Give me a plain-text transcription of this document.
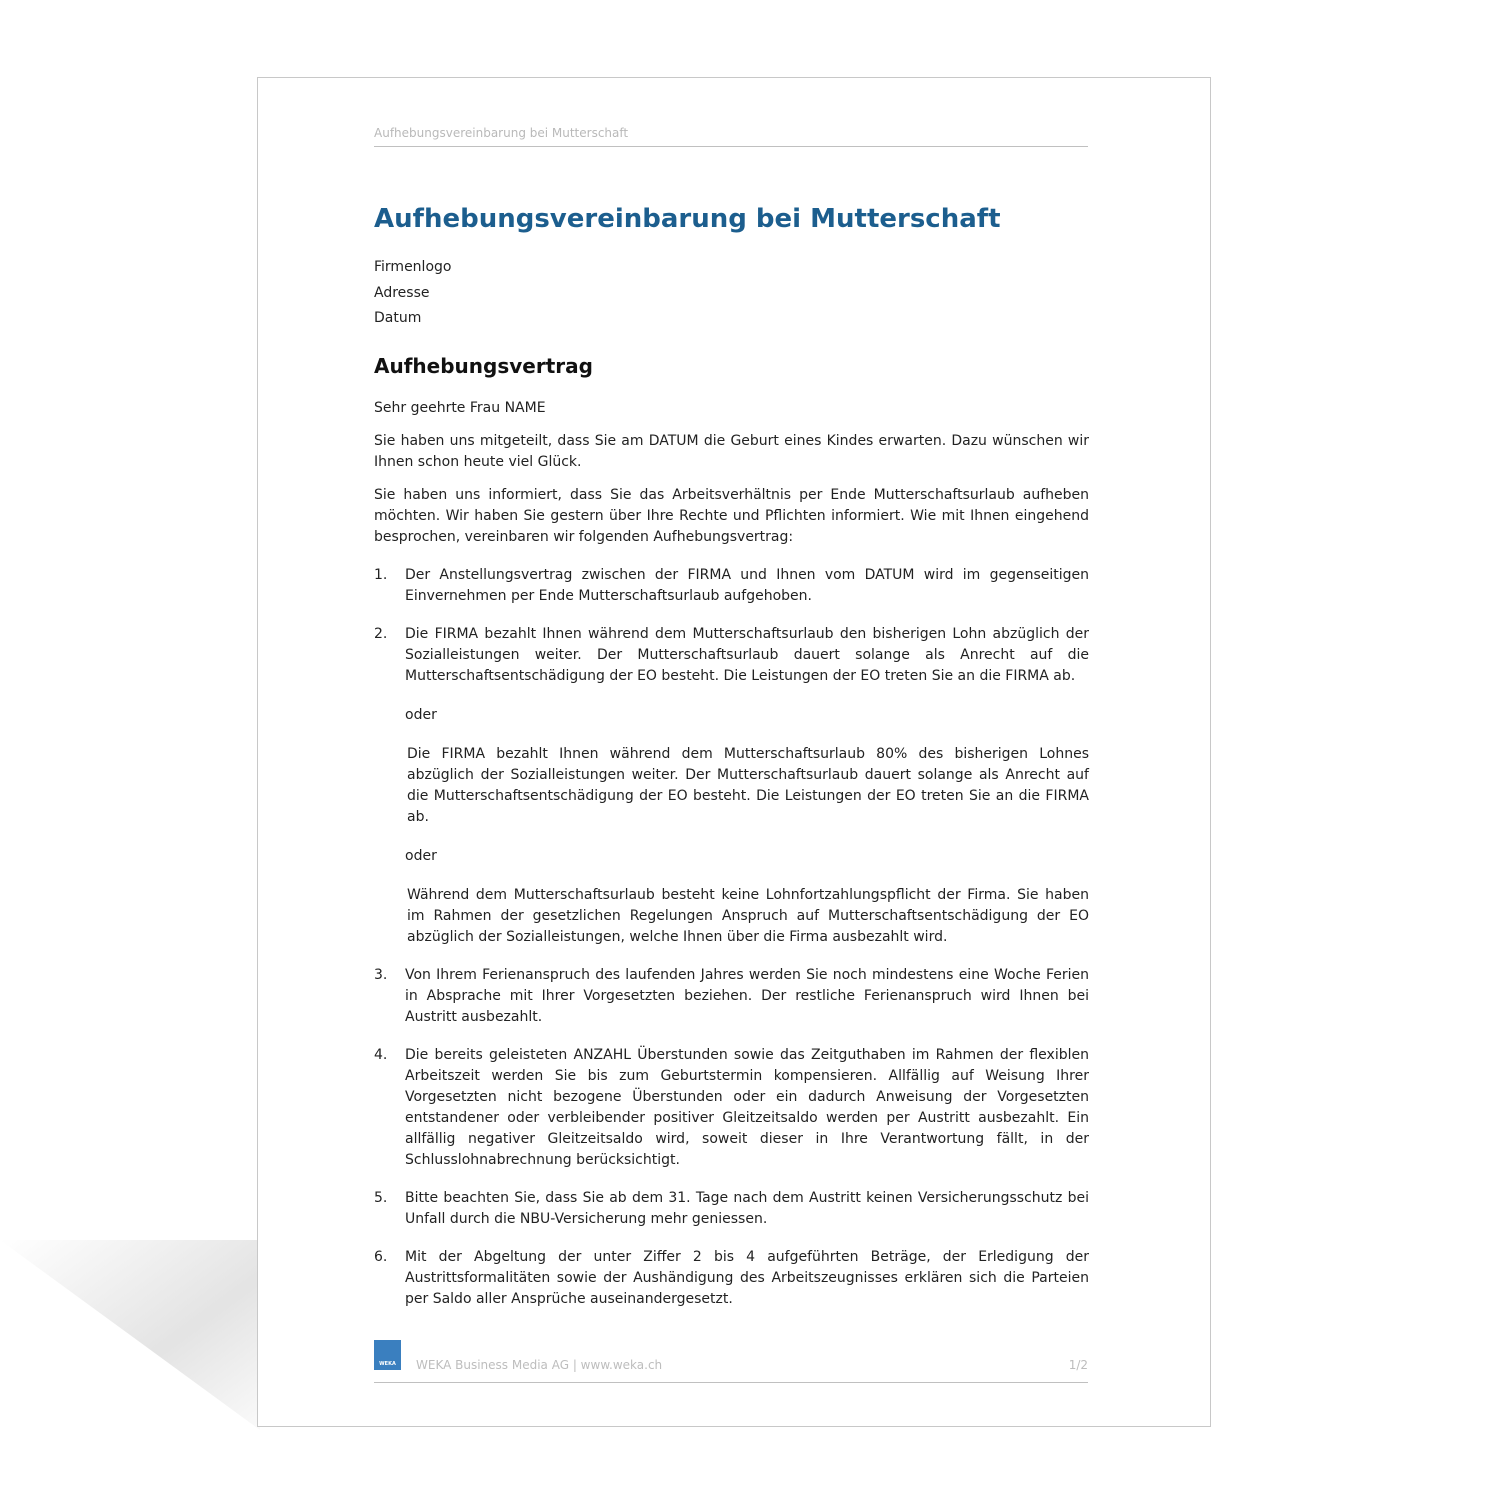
Aufhebungsvereinbarung bei Mutterschaft
Aufhebungsvereinbarung bei Mutterschaft
Firmenlogo
Adresse
Datum
Aufhebungsvertrag

Sehr geehrte Frau NAME

Sie haben uns mitgeteilt, dass Sie am DATUM die Geburt eines Kindes erwarten. Dazu wünschen wir Ihnen schon heute viel Glück.

Sie haben uns informiert, dass Sie das Arbeitsverhältnis per Ende Mutterschaftsurlaub aufheben möchten. Wir haben Sie gestern über Ihre Rechte und Pflichten informiert. Wie mit Ihnen eingehend besprochen, vereinbaren wir folgenden Aufhebungsvertrag:

1.	Der Anstellungsvertrag zwischen der FIRMA und Ihnen vom DATUM wird im gegenseitigen Einvernehmen per Ende Mutterschaftsurlaub aufgehoben.

2.	Die FIRMA bezahlt Ihnen während dem Mutterschaftsurlaub den bisherigen Lohn abzüglich der Sozialleistungen weiter. Der Mutterschaftsurlaub dauert solange als Anrecht auf die Mutterschaftsentschädigung der EO besteht. Die Leistungen der EO treten Sie an die FIRMA ab.

oder

Die FIRMA bezahlt Ihnen während dem Mutterschaftsurlaub 80% des bisherigen Lohnes abzüglich der Sozialleistungen weiter. Der Mutterschaftsurlaub dauert solange als Anrecht auf die Mutterschaftsentschädigung der EO besteht. Die Leistungen der EO treten Sie an die FIRMA ab.

oder

Während dem Mutterschaftsurlaub besteht keine Lohnfortzahlungspflicht der Firma. Sie haben im Rahmen der gesetzlichen Regelungen Anspruch auf Mutterschaftsentschädigung der EO abzüglich der Sozialleistungen, welche Ihnen über die Firma ausbezahlt wird.

3.	Von Ihrem Ferienanspruch des laufenden Jahres werden Sie noch mindestens eine Woche Ferien in Absprache mit Ihrer Vorgesetzten beziehen. Der restliche Ferienanspruch wird Ihnen bei Austritt ausbezahlt.

4.	Die bereits geleisteten ANZAHL Überstunden sowie das Zeitguthaben im Rahmen der flexiblen Arbeitszeit werden Sie bis zum Geburtstermin kompensieren. Allfällig auf Weisung Ihrer Vorgesetzten nicht bezogene Überstunden oder ein dadurch Anweisung der Vorgesetzten entstandener oder verbleibender positiver Gleitzeitsaldo werden per Austritt ausbezahlt. Ein allfällig negativer Gleitzeitsaldo wird, soweit dieser in Ihre Verantwortung fällt, in der Schlusslohnabrechnung berücksichtigt.

5.	Bitte beachten Sie, dass Sie ab dem 31. Tage nach dem Austritt keinen Versicherungsschutz bei Unfall durch die NBU-Versicherung mehr geniessen.

6.	Mit der Abgeltung der unter Ziffer 2 bis 4 aufgeführten Beträge, der Erledigung der Austrittsformalitäten sowie der Aushändigung des Arbeitszeugnisses erklären sich die Parteien per Saldo aller Ansprüche auseinandergesetzt.

WEKA	WEKA Business Media AG | www.weka.ch	1/2
